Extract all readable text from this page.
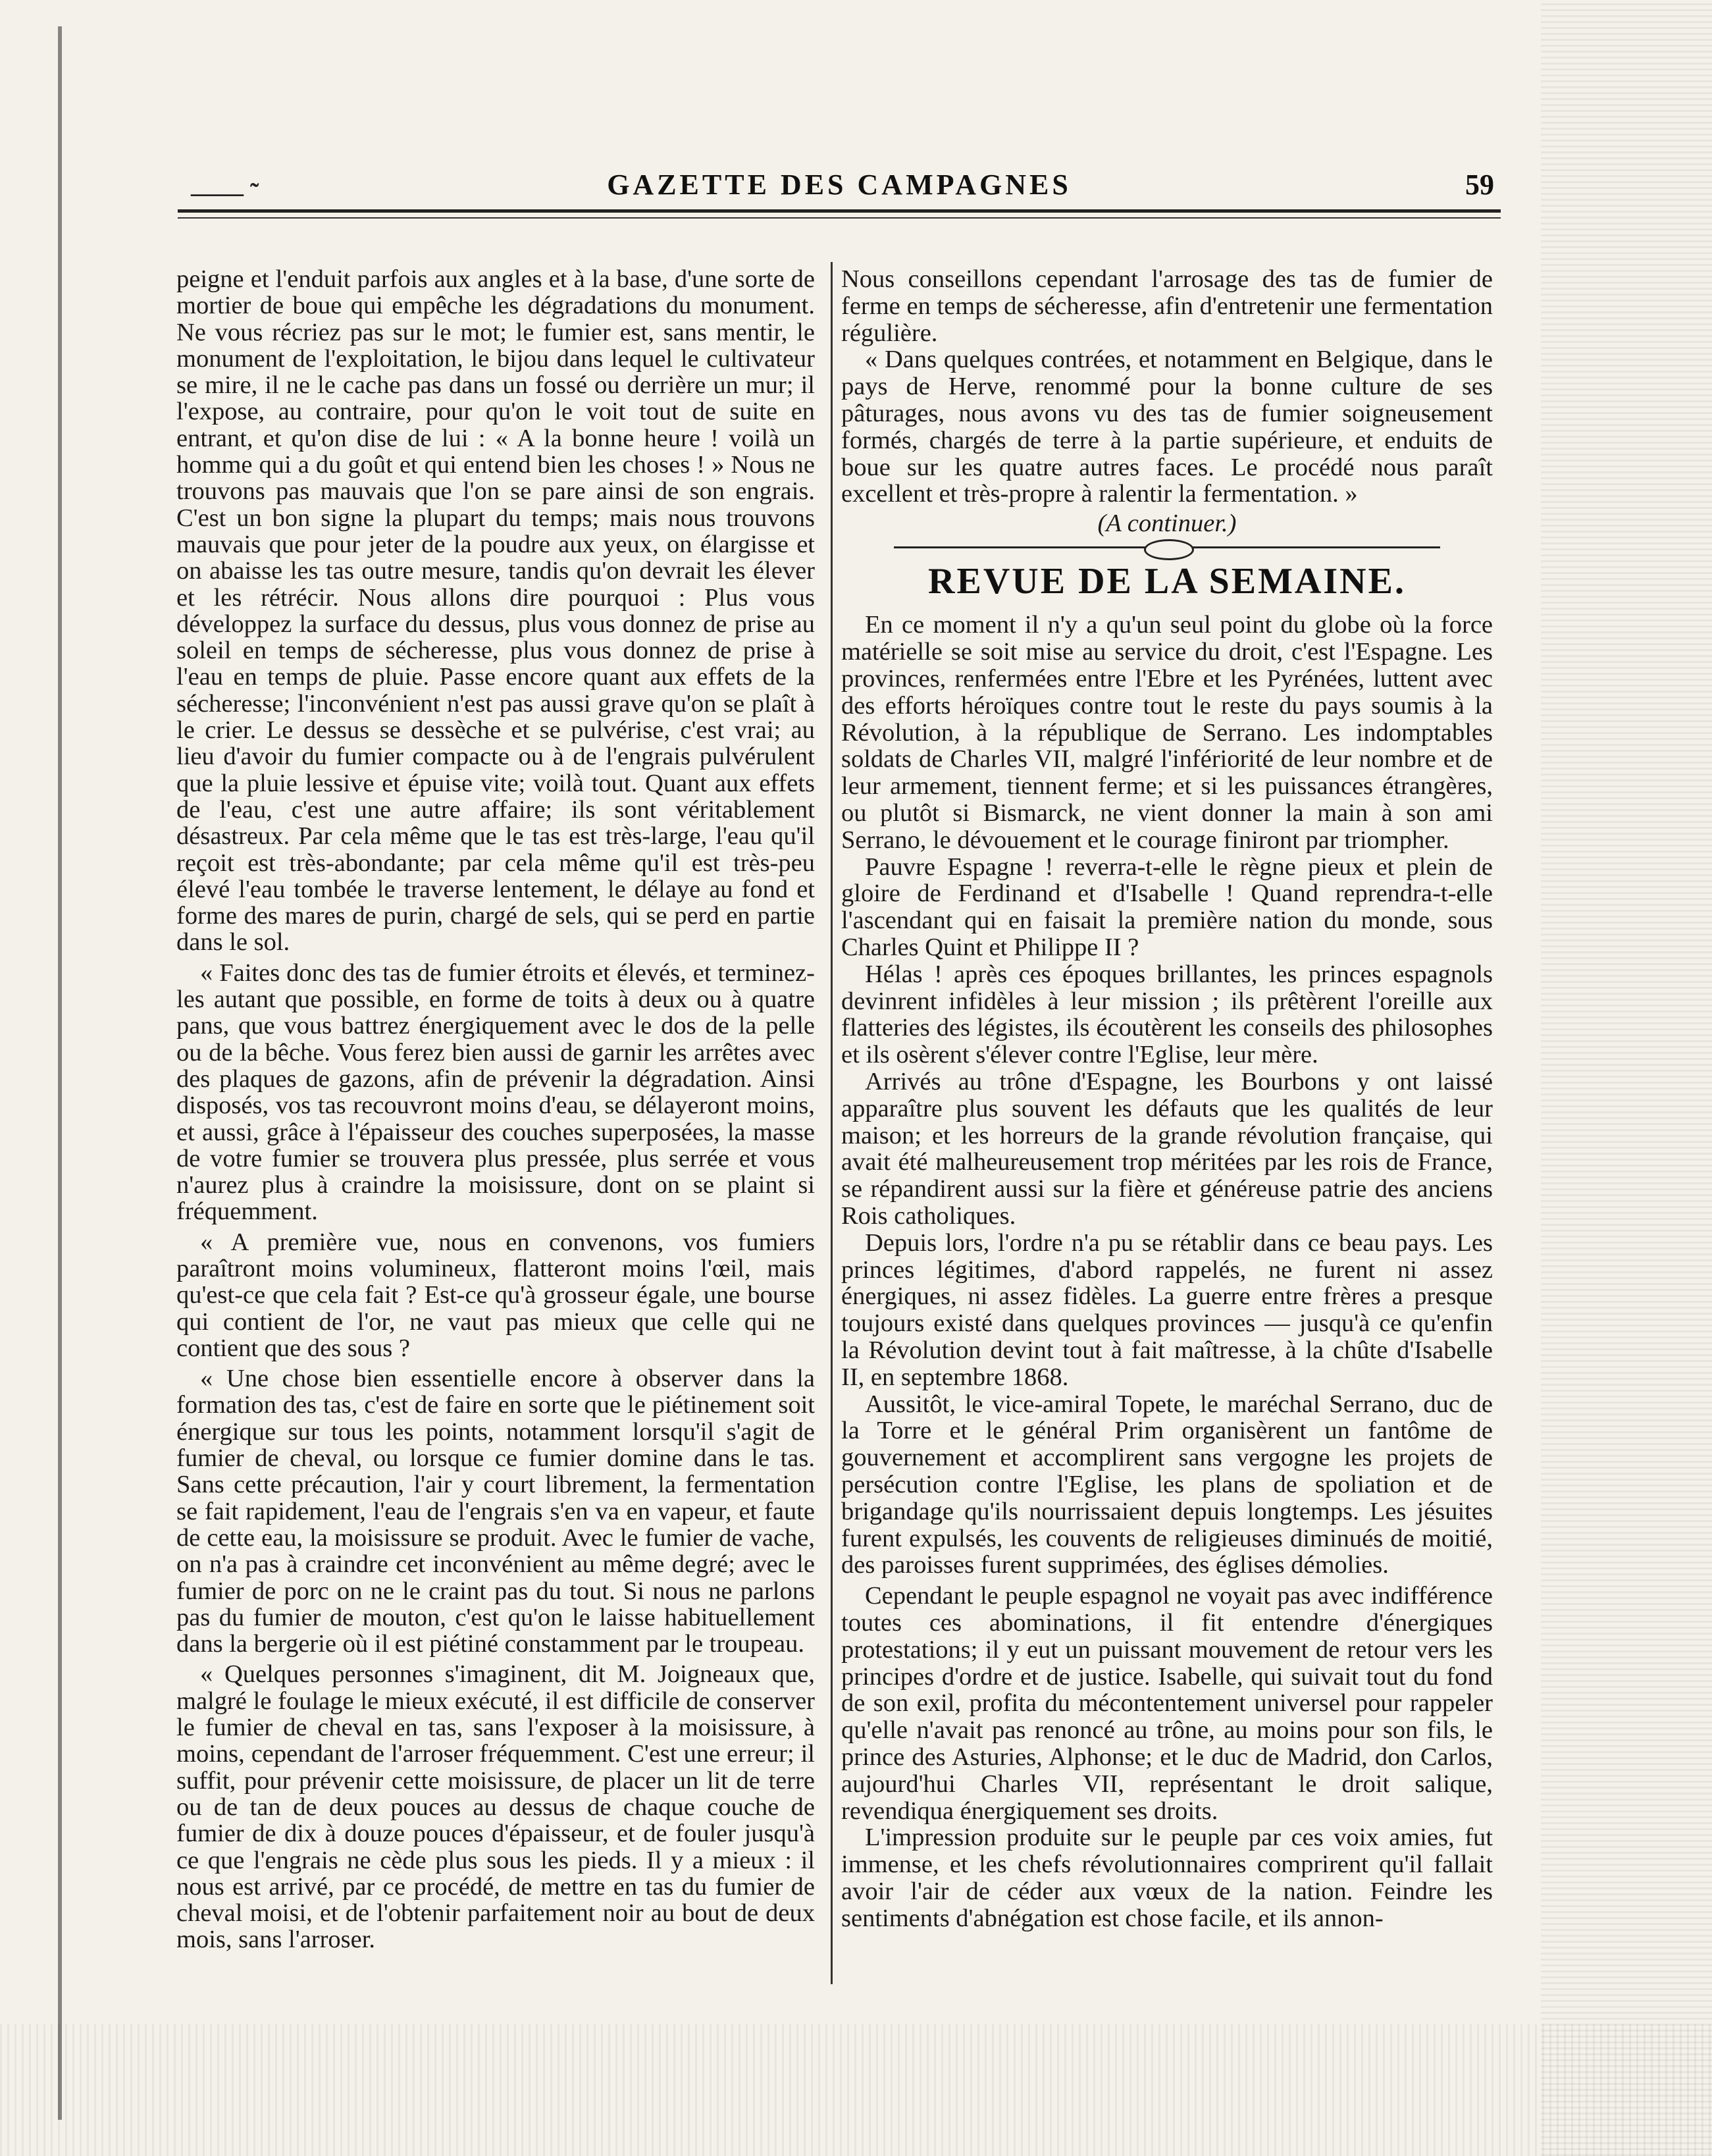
—— ˜	GAZETTE DES CAMPAGNES	59

peigne et l'enduit parfois aux angles et à la base, d'une sorte de mortier de boue qui empêche les dégradations du monument. Ne vous récriez pas sur le mot; le fumier est, sans mentir, le monument de l'exploitation, le bijou dans lequel le cultivateur se mire, il ne le cache pas dans un fossé ou derrière un mur; il l'expose, au contraire, pour qu'on le voit tout de suite en entrant, et qu'on dise de lui : « A la bonne heure ! voilà un homme qui a du goût et qui entend bien les choses ! » Nous ne trouvons pas mauvais que l'on se pare ainsi de son engrais. C'est un bon signe la plupart du temps; mais nous trouvons mauvais que pour jeter de la poudre aux yeux, on élargisse et on abaisse les tas outre mesure, tandis qu'on devrait les élever et les rétrécir. Nous allons dire pourquoi : Plus vous développez la surface du dessus, plus vous donnez de prise au soleil en temps de sécheresse, plus vous donnez de prise à l'eau en temps de pluie. Passe encore quant aux effets de la sécheresse; l'inconvénient n'est pas aussi grave qu'on se plaît à le crier. Le dessus se dessèche et se pulvérise, c'est vrai; au lieu d'avoir du fumier compacte ou à de l'engrais pulvérulent que la pluie lessive et épuise vite; voilà tout. Quant aux effets de l'eau, c'est une autre affaire; ils sont véritablement désastreux. Par cela même que le tas est très-large, l'eau qu'il reçoit est très-abondante; par cela même qu'il est très-peu élevé l'eau tombée le traverse lentement, le délaye au fond et forme des mares de purin, chargé de sels, qui se perd en partie dans le sol.

« Faites donc des tas de fumier étroits et élevés, et terminez-les autant que possible, en forme de toits à deux ou à quatre pans, que vous battrez énergiquement avec le dos de la pelle ou de la bêche. Vous ferez bien aussi de garnir les arrêtes avec des plaques de gazons, afin de prévenir la dégradation. Ainsi disposés, vos tas recouvront moins d'eau, se délayeront moins, et aussi, grâce à l'épaisseur des couches superposées, la masse de votre fumier se trouvera plus pressée, plus serrée et vous n'aurez plus à craindre la moisissure, dont on se plaint si fréquemment.

« A première vue, nous en convenons, vos fumiers paraîtront moins volumineux, flatteront moins l'œil, mais qu'est-ce que cela fait ? Est-ce qu'à grosseur égale, une bourse qui contient de l'or, ne vaut pas mieux que celle qui ne contient que des sous ?

« Une chose bien essentielle encore à observer dans la formation des tas, c'est de faire en sorte que le piétinement soit énergique sur tous les points, notamment lorsqu'il s'agit de fumier de cheval, ou lorsque ce fumier domine dans le tas. Sans cette précaution, l'air y court librement, la fermentation se fait rapidement, l'eau de l'engrais s'en va en vapeur, et faute de cette eau, la moisissure se produit. Avec le fumier de vache, on n'a pas à craindre cet inconvénient au même degré; avec le fumier de porc on ne le craint pas du tout. Si nous ne parlons pas du fumier de mouton, c'est qu'on le laisse habituellement dans la bergerie où il est piétiné constamment par le troupeau.

« Quelques personnes s'imaginent, dit M. Joigneaux que, malgré le foulage le mieux exécuté, il est difficile de conserver le fumier de cheval en tas, sans l'exposer à la moisissure, à moins, cependant de l'arroser fréquemment. C'est une erreur; il suffit, pour prévenir cette moisissure, de placer un lit de terre ou de tan de deux pouces au dessus de chaque couche de fumier de dix à douze pouces d'épaisseur, et de fouler jusqu'à ce que l'engrais ne cède plus sous les pieds. Il y a mieux : il nous est arrivé, par ce procédé, de mettre en tas du fumier de cheval moisi, et de l'obtenir parfaitement noir au bout de deux mois, sans l'arroser.

Nous conseillons cependant l'arrosage des tas de fumier de ferme en temps de sécheresse, afin d'entretenir une fermentation régulière.

« Dans quelques contrées, et notamment en Belgique, dans le pays de Herve, renommé pour la bonne culture de ses pâturages, nous avons vu des tas de fumier soigneusement formés, chargés de terre à la partie supérieure, et enduits de boue sur les quatre autres faces. Le procédé nous paraît excellent et très-propre à ralentir la fermentation. »

(A continuer.)
REVUE DE LA SEMAINE.

En ce moment il n'y a qu'un seul point du globe où la force matérielle se soit mise au service du droit, c'est l'Espagne. Les provinces, renfermées entre l'Ebre et les Pyrénées, luttent avec des efforts héroïques contre tout le reste du pays soumis à la Révolution, à la république de Serrano. Les indomptables soldats de Charles VII, malgré l'infériorité de leur nombre et de leur armement, tiennent ferme; et si les puissances étrangères, ou plutôt si Bismarck, ne vient donner la main à son ami Serrano, le dévouement et le courage finiront par triompher.

Pauvre Espagne ! reverra-t-elle le règne pieux et plein de gloire de Ferdinand et d'Isabelle ! Quand reprendra-t-elle l'ascendant qui en faisait la première nation du monde, sous Charles Quint et Philippe II ?

Hélas ! après ces époques brillantes, les princes espagnols devinrent infidèles à leur mission ; ils prêtèrent l'oreille aux flatteries des légistes, ils écoutèrent les conseils des philosophes et ils osèrent s'élever contre l'Eglise, leur mère.

Arrivés au trône d'Espagne, les Bourbons y ont laissé apparaître plus souvent les défauts que les qualités de leur maison; et les horreurs de la grande révolution française, qui avait été malheureusement trop méritées par les rois de France, se répandirent aussi sur la fière et généreuse patrie des anciens Rois catholiques.

Depuis lors, l'ordre n'a pu se rétablir dans ce beau pays. Les princes légitimes, d'abord rappelés, ne furent ni assez énergiques, ni assez fidèles. La guerre entre frères a presque toujours existé dans quelques provinces — jusqu'à ce qu'enfin la Révolution devint tout à fait maîtresse, à la chûte d'Isabelle II, en septembre 1868.

Aussitôt, le vice-amiral Topete, le maréchal Serrano, duc de la Torre et le général Prim organisèrent un fantôme de gouvernement et accomplirent sans vergogne les projets de persécution contre l'Eglise, les plans de spoliation et de brigandage qu'ils nourrissaient depuis longtemps. Les jésuites furent expulsés, les couvents de religieuses diminués de moitié, des paroisses furent supprimées, des églises démolies.

Cependant le peuple espagnol ne voyait pas avec indifférence toutes ces abominations, il fit entendre d'énergiques protestations; il y eut un puissant mouvement de retour vers les principes d'ordre et de justice. Isabelle, qui suivait tout du fond de son exil, profita du mécontentement universel pour rappeler qu'elle n'avait pas renoncé au trône, au moins pour son fils, le prince des Asturies, Alphonse; et le duc de Madrid, don Carlos, aujourd'hui Charles VII, représentant le droit salique, revendiqua énergiquement ses droits.

L'impression produite sur le peuple par ces voix amies, fut immense, et les chefs révolutionnaires comprirent qu'il fallait avoir l'air de céder aux vœux de la nation. Feindre les sentiments d'abnégation est chose facile, et ils annon-
